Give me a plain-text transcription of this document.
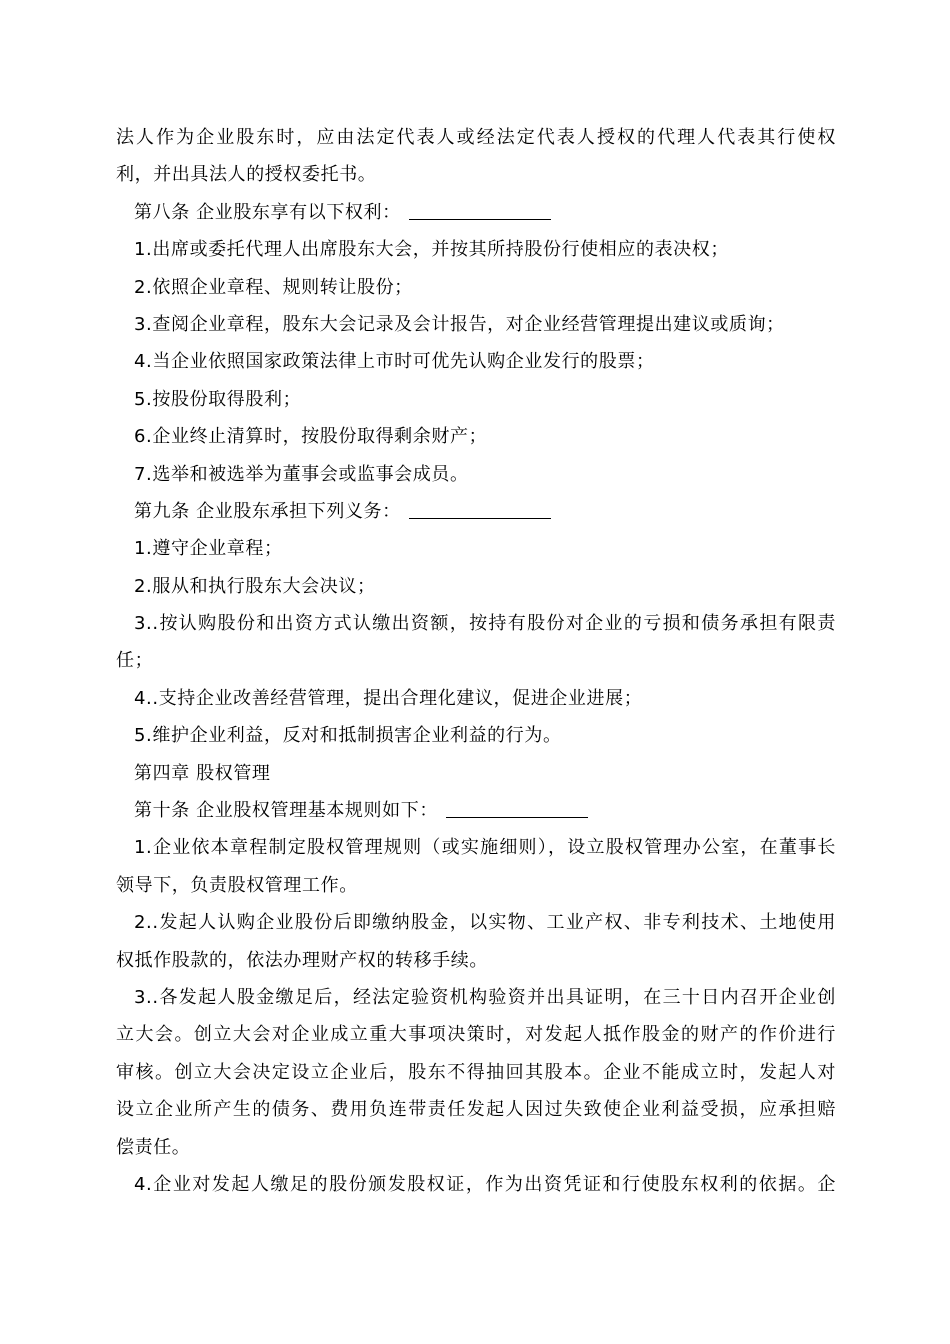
法人作为企业股东时，应由法定代表人或经法定代表人授权的代理人代表其行使权
利，并出具法人的授权委托书。
第八条 企业股东享有以下权利：
1.出席或委托代理人出席股东大会，并按其所持股份行使相应的表决权；
2.依照企业章程、规则转让股份；
3.查阅企业章程，股东大会记录及会计报告，对企业经营管理提出建议或质询；
4.当企业依照国家政策法律上市时可优先认购企业发行的股票；
5.按股份取得股利；
6.企业终止清算时，按股份取得剩余财产；
7.选举和被选举为董事会或监事会成员。
第九条 企业股东承担下列义务：
1.遵守企业章程；
2.服从和执行股东大会决议；
3..按认购股份和出资方式认缴出资额，按持有股份对企业的亏损和债务承担有限责
任；
4..支持企业改善经营管理，提出合理化建议，促进企业进展；
5.维护企业利益，反对和抵制损害企业利益的行为。
第四章 股权管理
第十条 企业股权管理基本规则如下：
1.企业依本章程制定股权管理规则（或实施细则），设立股权管理办公室，在董事长
领导下，负责股权管理工作。
2..发起人认购企业股份后即缴纳股金，以实物、工业产权、非专利技术、土地使用
权抵作股款的，依法办理财产权的转移手续。
3..各发起人股金缴足后，经法定验资机构验资并出具证明，在三十日内召开企业创
立大会。创立大会对企业成立重大事项决策时，对发起人抵作股金的财产的作价进行
审核。创立大会决定设立企业后，股东不得抽回其股本。企业不能成立时，发起人对
设立企业所产生的债务、费用负连带责任发起人因过失致使企业利益受损，应承担赔
偿责任。
4.企业对发起人缴足的股份颁发股权证，作为出资凭证和行使股东权利的依据。企
